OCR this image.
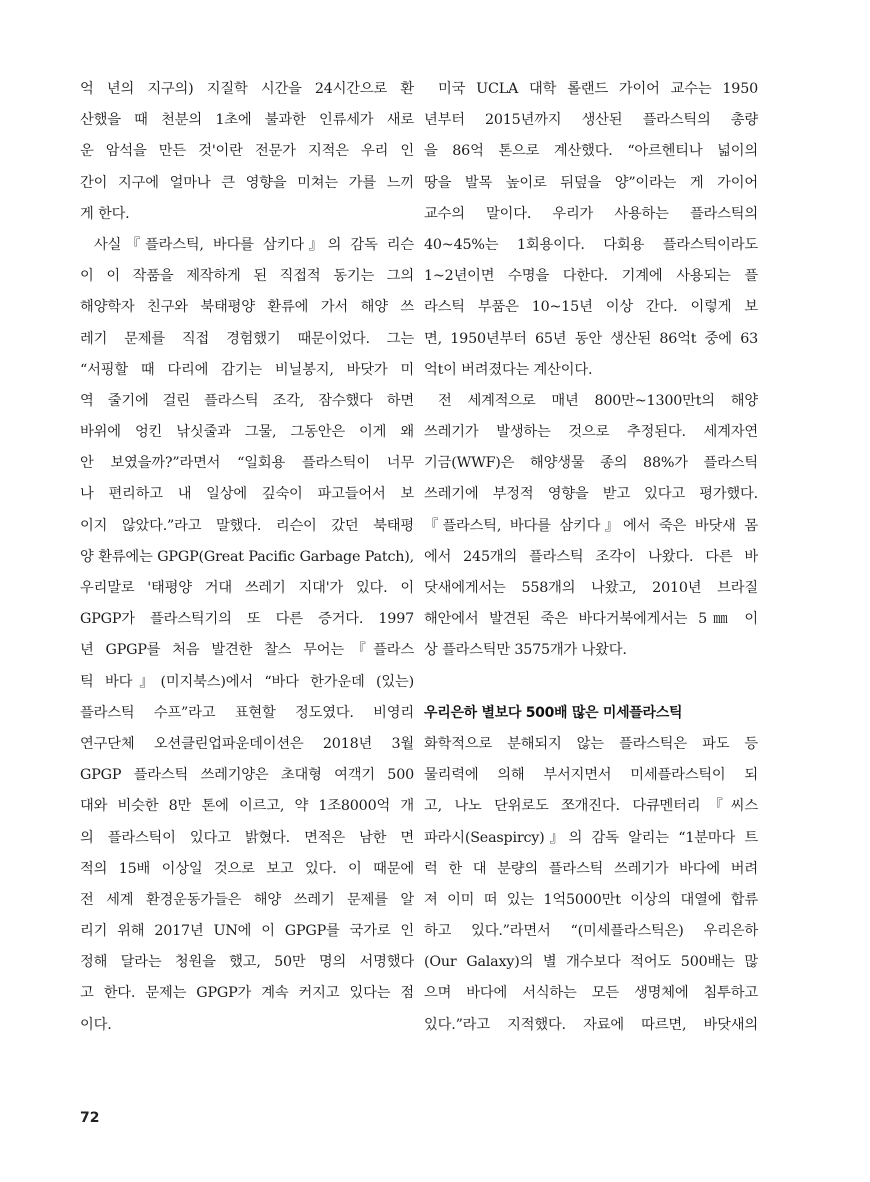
억 년의 지구의) 지질학 시간을 24시간으로 환
산했을 때 천분의 1초에 불과한 인류세가 새로
운 암석을 만든 것'이란 전문가 지적은 우리 인
간이 지구에 얼마나 큰 영향을 미쳐는 가를 느끼
게 한다.
사실『플라스틱, 바다를 삼키다』의 감독 리슨
이 이 작품을 제작하게 된 직접적 동기는 그의
해양학자 친구와 북태평양 환류에 가서 해양 쓰
레기 문제를 직접 경험했기 때문이었다. 그는
“서핑할 때 다리에 감기는 비닐봉지, 바닷가 미
역 줄기에 걸린 플라스틱 조각, 잠수했다 하면
바위에 엉킨 낚싯줄과 그물, 그동안은 이게 왜
안 보였을까?”라면서 “일회용 플라스틱이 너무
나 편리하고 내 일상에 깊숙이 파고들어서 보
이지 않았다.”라고 말했다. 리슨이 갔던 북태평
양 환류에는 GPGP(Great Pacific Garbage Patch),
우리말로 '태평양 거대 쓰레기 지대'가 있다. 이
GPGP가 플라스틱기의 또 다른 증거다. 1997
년 GPGP를 처음 발견한 찰스 무어는『플라스
틱 바다』(미지북스)에서 “바다 한가운데 (있는)
플라스틱 수프”라고 표현할 정도였다. 비영리
연구단체 오션클린업파운데이션은 2018년 3월
GPGP 플라스틱 쓰레기양은 초대형 여객기 500
대와 비슷한 8만 톤에 이르고, 약 1조8000억 개
의 플라스틱이 있다고 밝혔다. 면적은 남한 면
적의 15배 이상일 것으로 보고 있다. 이 때문에
전 세계 환경운동가들은 해양 쓰레기 문제를 알
리기 위해 2017년 UN에 이 GPGP를 국가로 인
정해 달라는 청원을 했고, 50만 명의 서명했다
고 한다. 문제는 GPGP가 계속 커지고 있다는 점
이다.
미국 UCLA 대학 롤랜드 가이어 교수는 1950
년부터 2015년까지 생산된 플라스틱의 총량
을 86억 톤으로 계산했다. “아르헨티나 넓이의
땅을 발목 높이로 뒤덮을 양”이라는 게 가이어
교수의 말이다. 우리가 사용하는 플라스틱의
40~45%는 1회용이다. 다회용 플라스틱이라도
1~2년이면 수명을 다한다. 기계에 사용되는 플
라스틱 부품은 10~15년 이상 간다. 이렇게 보
면, 1950년부터 65년 동안 생산된 86억t 중에 63
억t이 버려졌다는 계산이다.
전 세계적으로 매년 800만~1300만t의 해양
쓰레기가 발생하는 것으로 추정된다. 세계자연
기금(WWF)은 해양생물 종의 88%가 플라스틱
쓰레기에 부정적 영향을 받고 있다고 평가했다.
『플라스틱, 바다를 삼키다』에서 죽은 바닷새 몸
에서 245개의 플라스틱 조각이 나왔다. 다른 바
닷새에게서는 558개의 나왔고, 2010년 브라질
해안에서 발견된 죽은 바다거북에게서는 5㎜ 이
상 플라스틱만 3575개가 나왔다.
우리은하 별보다 500배 많은 미세플라스틱
화학적으로 분해되지 않는 플라스틱은 파도 등
물리력에 의해 부서지면서 미세플라스틱이 되
고, 나노 단위로도 쪼개진다. 다큐멘터리『씨스
파라시(Seaspircy)』의 감독 알리는 “1분마다 트
럭 한 대 분량의 플라스틱 쓰레기가 바다에 버려
져 이미 떠 있는 1억5000만t 이상의 대열에 합류
하고 있다.”라면서 “(미세플라스틱은) 우리은하
(Our Galaxy)의 별 개수보다 적어도 500배는 많
으며 바다에 서식하는 모든 생명체에 침투하고
있다.”라고 지적했다. 자료에 따르면, 바닷새의
72
